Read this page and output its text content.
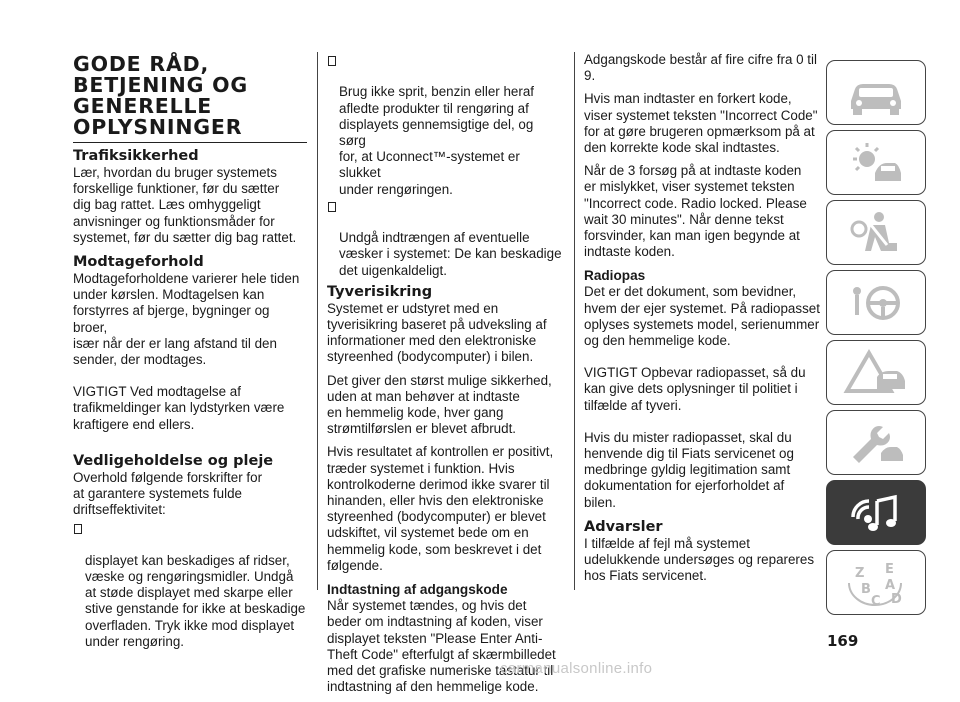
GODE RÅD,
BETJENING OG
GENERELLE
OPLYSNINGER
Trafiksikkerhed

Lær, hvordan du bruger systemets
forskellige funktioner, før du sætter
dig bag rattet. Læs omhyggeligt
anvisninger og funktionsmåder for
systemet, før du sætter dig bag rattet.

Modtageforhold

Modtageforholdene varierer hele tiden
under kørslen. Modtagelsen kan
forstyrres af bjerge, bygninger og broer,
især når der er lang afstand til den
sender, der modtages.

VIGTIGT Ved modtagelse af
trafikmeldinger kan lydstyrken være
kraftigere end ellers.

Vedligeholdelse og pleje

Overhold følgende forskrifter for
at garantere systemets fulde
driftseffektivitet:

displayet kan beskadiges af ridser,
væske og rengøringsmidler. Undgå
at støde displayet med skarpe eller
stive genstande for ikke at beskadige
overfladen. Tryk ikke mod displayet
under rengøring.

Brug ikke sprit, benzin eller heraf
afledte produkter til rengøring af
displayets gennemsigtige del, og sørg
for, at Uconnect™-systemet er slukket
under rengøringen.

Undgå indtrængen af eventuelle
væsker i systemet: De kan beskadige
det uigenkaldeligt.

Tyverisikring

Systemet er udstyret med en
tyverisikring baseret på udveksling af
informationer med den elektroniske
styreenhed (bodycomputer) i bilen.

Det giver den størst mulige sikkerhed,
uden at man behøver at indtaste
en hemmelig kode, hver gang
strømtilførslen er blevet afbrudt.

Hvis resultatet af kontrollen er positivt,
træder systemet i funktion. Hvis
kontrolkoderne derimod ikke svarer til
hinanden, eller hvis den elektroniske
styreenhed (bodycomputer) er blevet
udskiftet, vil systemet bede om en
hemmelig kode, som beskrevet i det
følgende.

Indtastning af adgangskode

Når systemet tændes, og hvis det
beder om indtastning af koden, viser
displayet teksten "Please Enter Anti-
Theft Code" efterfulgt af skærmbilledet
med det grafiske numeriske tastatur til
indtastning af den hemmelige kode.

Adgangskode består af fire cifre fra 0 til
9.

Hvis man indtaster en forkert kode,
viser systemet teksten "Incorrect Code"
for at gøre brugeren opmærksom på at
den korrekte kode skal indtastes.

Når de 3 forsøg på at indtaste koden
er mislykket, viser systemet teksten
"Incorrect code. Radio locked. Please
wait 30 minutes". Når denne tekst
forsvinder, kan man igen begynde at
indtaste koden.

Radiopas

Det er det dokument, som bevidner,
hvem der ejer systemet. På radiopasset
oplyses systemets model, serienummer
og den hemmelige kode.

VIGTIGT Opbevar radiopasset, så du
kan give dets oplysninger til politiet i
tilfælde af tyveri.

Hvis du mister radiopasset, skal du
henvende dig til Fiats servicenet og
medbringe gyldig legitimation samt
dokumentation for ejerforholdet af
bilen.

Advarsler

I tilfælde af fejl må systemet
udelukkende undersøges og repareres
hos Fiats servicenet.	Z E
B A
C D
169
carmanualsonline.info
